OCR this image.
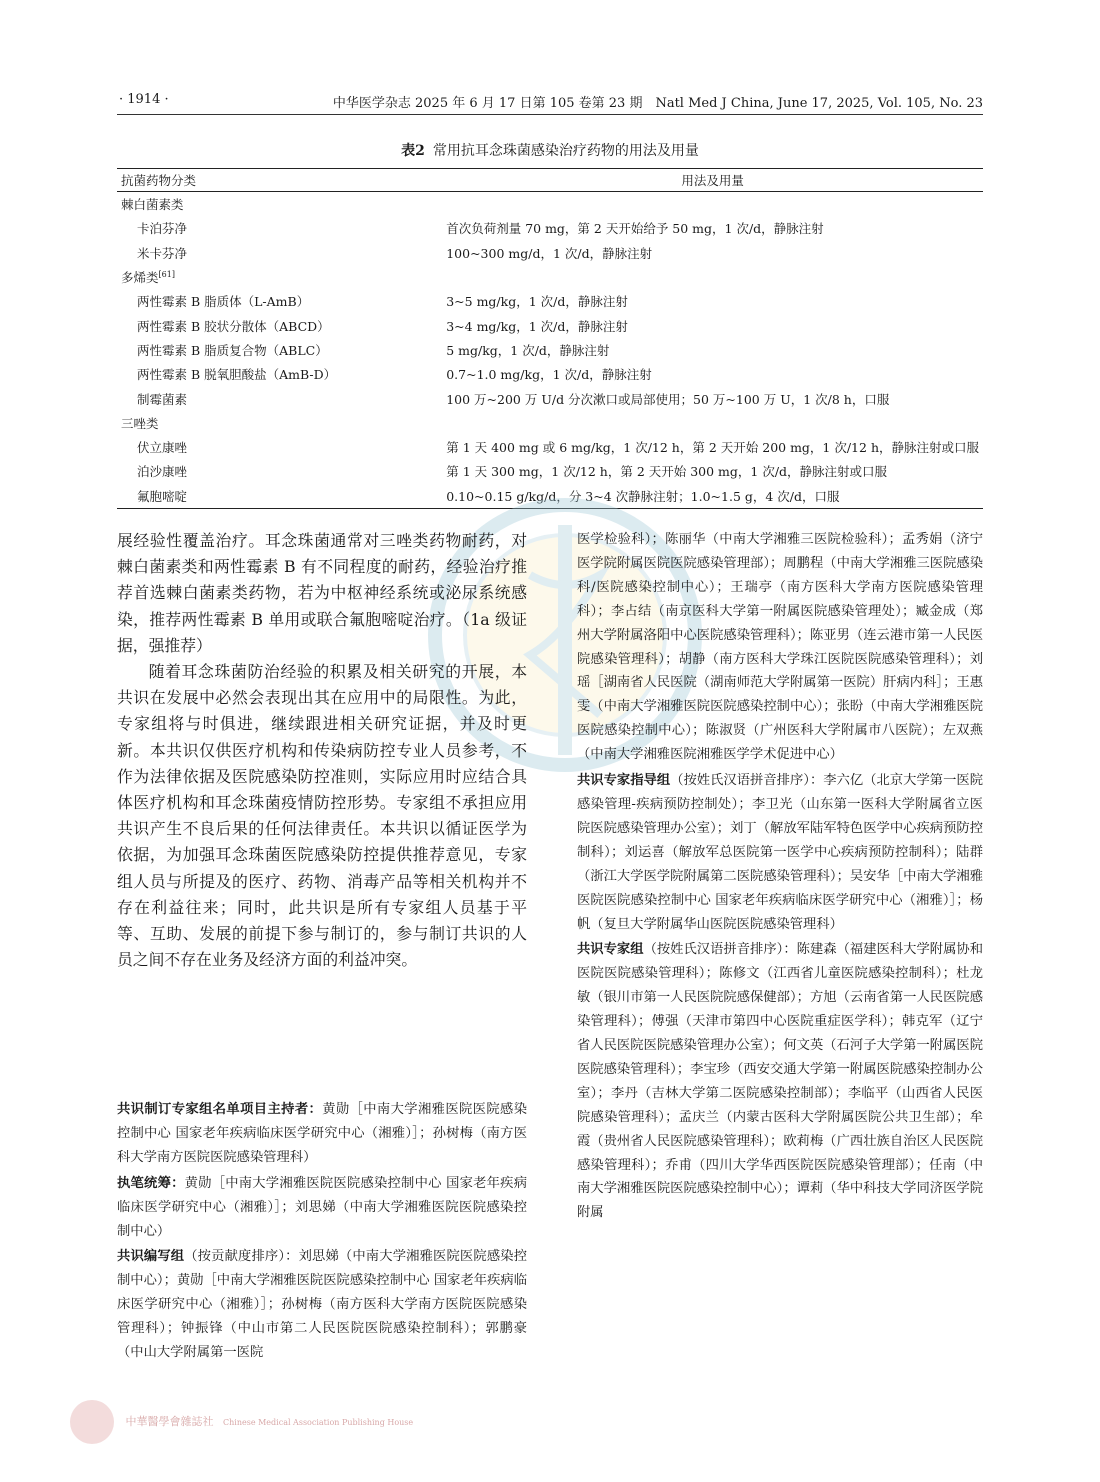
· 1914 ·	中华医学杂志 2025 年 6 月 17 日第 105 卷第 23 期　Natl Med J China, June 17, 2025, Vol. 105, No. 23
表2 常用抗耳念珠菌感染治疗药物的用法及用量
抗菌药物分类	用法及用量
棘白菌素类	
卡泊芬净	首次负荷剂量 70 mg，第 2 天开始给予 50 mg，1 次/d，静脉注射
米卡芬净	100~300 mg/d，1 次/d，静脉注射
多烯类[61]	
两性霉素 B 脂质体（L-AmB）	3~5 mg/kg，1 次/d，静脉注射
两性霉素 B 胶状分散体（ABCD）	3~4 mg/kg，1 次/d，静脉注射
两性霉素 B 脂质复合物（ABLC）	5 mg/kg，1 次/d，静脉注射
两性霉素 B 脱氧胆酸盐（AmB-D）	0.7~1.0 mg/kg，1 次/d，静脉注射
制霉菌素	100 万~200 万 U/d 分次漱口或局部使用；50 万~100 万 U，1 次/8 h，口服
三唑类	
伏立康唑	第 1 天 400 mg 或 6 mg/kg，1 次/12 h，第 2 天开始 200 mg，1 次/12 h，静脉注射或口服
泊沙康唑	第 1 天 300 mg，1 次/12 h，第 2 天开始 300 mg，1 次/d，静脉注射或口服
氟胞嘧啶	0.10~0.15 g/kg/d，分 3~4 次静脉注射；1.0~1.5 g，4 次/d，口服

展经验性覆盖治疗。耳念珠菌通常对三唑类药物耐药，对棘白菌素类和两性霉素 B 有不同程度的耐药，经验治疗推荐首选棘白菌素类药物，若为中枢神经系统或泌尿系统感染，推荐两性霉素 B 单用或联合氟胞嘧啶治疗。（1a 级证据，强推荐）

随着耳念珠菌防治经验的积累及相关研究的开展，本共识在发展中必然会表现出其在应用中的局限性。为此，专家组将与时俱进，继续跟进相关研究证据，并及时更新。本共识仅供医疗机构和传染病防控专业人员参考，不作为法律依据及医院感染防控准则，实际应用时应结合具体医疗机构和耳念珠菌疫情防控形势。专家组不承担应用共识产生不良后果的任何法律责任。本共识以循证医学为依据，为加强耳念珠菌医院感染防控提供推荐意见，专家组人员与所提及的医疗、药物、消毒产品等相关机构并不存在利益往来；同时，此共识是所有专家组人员基于平等、互助、发展的前提下参与制订的，参与制订共识的人员之间不存在业务及经济方面的利益冲突。

共识制订专家组名单项目主持者：黄勋［中南大学湘雅医院医院感染控制中心 国家老年疾病临床医学研究中心（湘雅）］；孙树梅（南方医科大学南方医院医院感染管理科）

执笔统筹：黄勋［中南大学湘雅医院医院感染控制中心 国家老年疾病临床医学研究中心（湘雅）］；刘思娣（中南大学湘雅医院医院感染控制中心）

共识编写组（按贡献度排序）：刘思娣（中南大学湘雅医院医院感染控制中心）；黄勋［中南大学湘雅医院医院感染控制中心 国家老年疾病临床医学研究中心（湘雅）］；孙树梅（南方医科大学南方医院医院感染管理科）；钟振锋（中山市第二人民医院医院感染控制科）；郭鹏豪（中山大学附属第一医院

医学检验科）；陈丽华（中南大学湘雅三医院检验科）；孟秀娟（济宁医学院附属医院医院感染管理部）；周鹏程（中南大学湘雅三医院感染科/医院感染控制中心）；王瑞亭（南方医科大学南方医院感染管理科）；李占结（南京医科大学第一附属医院感染管理处）；臧金成（郑州大学附属洛阳中心医院感染管理科）；陈亚男（连云港市第一人民医院感染管理科）；胡静（南方医科大学珠江医院医院感染管理科）；刘瑶［湖南省人民医院（湖南师范大学附属第一医院）肝病内科］；王惠雯（中南大学湘雅医院医院感染控制中心）；张盼（中南大学湘雅医院医院感染控制中心）；陈淑贤（广州医科大学附属市八医院）；左双燕（中南大学湘雅医院湘雅医学学术促进中心）

共识专家指导组（按姓氏汉语拼音排序）：李六亿（北京大学第一医院感染管理-疾病预防控制处）；李卫光（山东第一医科大学附属省立医院医院感染管理办公室）；刘丁（解放军陆军特色医学中心疾病预防控制科）；刘运喜（解放军总医院第一医学中心疾病预防控制科）；陆群（浙江大学医学院附属第二医院感染管理科）；吴安华［中南大学湘雅医院医院感染控制中心 国家老年疾病临床医学研究中心（湘雅）］；杨帆（复旦大学附属华山医院医院感染管理科）

共识专家组（按姓氏汉语拼音排序）：陈建森（福建医科大学附属协和医院医院感染管理科）；陈修文（江西省儿童医院感染控制科）；杜龙敏（银川市第一人民医院院感保健部）；方旭（云南省第一人民医院感染管理科）；傅强（天津市第四中心医院重症医学科）；韩克军（辽宁省人民医院医院感染管理办公室）；何文英（石河子大学第一附属医院医院感染管理科）；李宝珍（西安交通大学第一附属医院感染控制办公室）；李丹（吉林大学第二医院感染控制部）；李临平（山西省人民医院感染管理科）；孟庆兰（内蒙古医科大学附属医院公共卫生部）；牟霞（贵州省人民医院感染管理科）；欧莉梅（广西壮族自治区人民医院感染管理科）；乔甫（四川大学华西医院医院感染管理部）；任南（中南大学湘雅医院医院感染控制中心）；谭莉（华中科技大学同济医学院附属

中華醫學會雜誌社 Chinese Medical Association Publishing House
